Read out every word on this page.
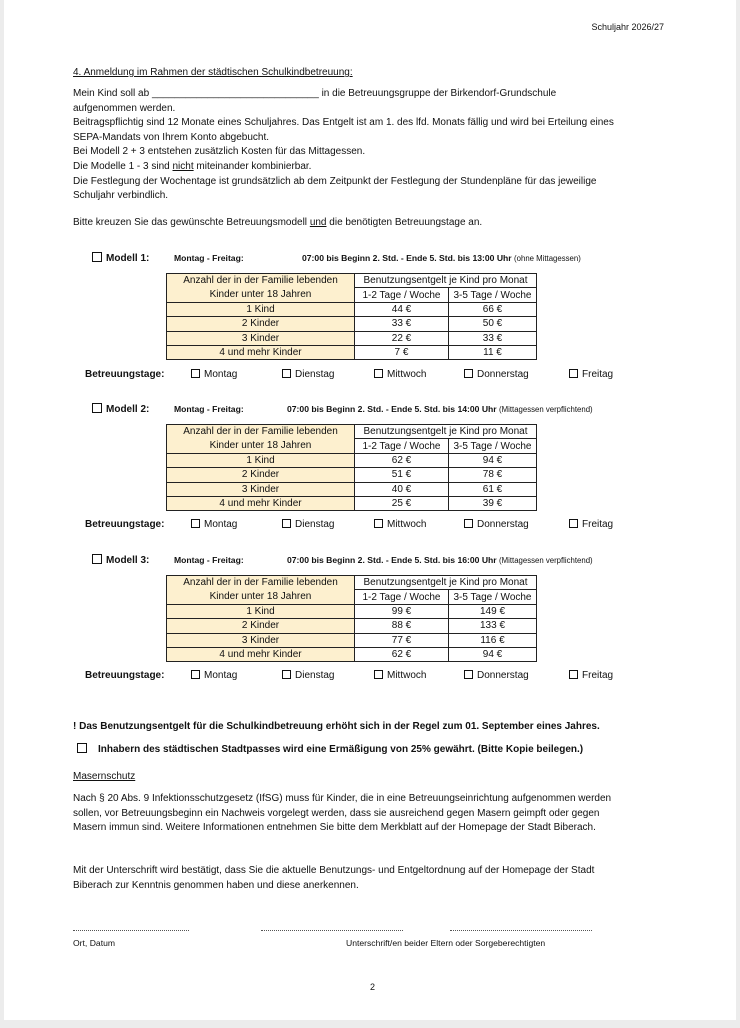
Schuljahr 2026/27
4. Anmeldung im Rahmen der städtischen Schulkindbetreuung:

Mein Kind soll ab ______________________________ in die Betreuungsgruppe der Birkendorf-Grundschule

aufgenommen werden.

Beitragspflichtig sind 12 Monate eines Schuljahres. Das Entgelt ist am 1. des lfd. Monats fällig und wird bei Erteilung eines

SEPA-Mandats von Ihrem Konto abgebucht.

Bei Modell 2 + 3 entstehen zusätzlich Kosten für das Mittagessen.

Die Modelle 1 - 3 sind nicht miteinander kombinierbar.

Die Festlegung der Wochentage ist grundsätzlich ab dem Zeitpunkt der Festlegung der Stundenpläne für das jeweilige

Schuljahr verbindlich.

Bitte kreuzen Sie das gewünschte Betreuungsmodell und die benötigten Betreuungstage an.

Modell 1:	Montag - Freitag:	07:00 bis Beginn 2. Std. - Ende 5. Std. bis 13:00 Uhr (ohne Mittagessen)
Anzahl der in der Familie lebenden	Benutzungsentgelt je Kind pro Monat	
Kinder unter 18 Jahren	1-2 Tage / Woche	3-5 Tage / Woche
1 Kind	44 €	66 €
2 Kinder	33 €	50 €
3 Kinder	22 €	33 €
4 und mehr Kinder	7 €	11 €
Betreuungstage:	Montag	Dienstag	Mittwoch	Donnerstag	Freitag
Modell 2:	Montag - Freitag:	07:00 bis Beginn 2. Std. - Ende 5. Std. bis 14:00 Uhr (Mittagessen verpflichtend)
Anzahl der in der Familie lebenden	Benutzungsentgelt je Kind pro Monat	
Kinder unter 18 Jahren	1-2 Tage / Woche	3-5 Tage / Woche
1 Kind	62 €	94 €
2 Kinder	51 €	78 €
3 Kinder	40 €	61 €
4 und mehr Kinder	25 €	39 €
Betreuungstage:	Montag	Dienstag	Mittwoch	Donnerstag	Freitag
Modell 3:	Montag - Freitag:	07:00 bis Beginn 2. Std. - Ende 5. Std. bis 16:00 Uhr (Mittagessen verpflichtend)
Anzahl der in der Familie lebenden	Benutzungsentgelt je Kind pro Monat	
Kinder unter 18 Jahren	1-2 Tage / Woche	3-5 Tage / Woche
1 Kind	99 €	149 €
2 Kinder	88 €	133 €
3 Kinder	77 €	116 €
4 und mehr Kinder	62 €	94 €
Betreuungstage:	Montag	Dienstag	Mittwoch	Donnerstag	Freitag
! Das Benutzungsentgelt für die Schulkindbetreuung erhöht sich in der Regel zum 01. September eines Jahres.
Inhabern des städtischen Stadtpasses wird eine Ermäßigung von 25% gewährt. (Bitte Kopie beilegen.)
Masernschutz

Nach § 20 Abs. 9 Infektionsschutzgesetz (IfSG) muss für Kinder, die in eine Betreuungseinrichtung aufgenommen werden

sollen, vor Betreuungsbeginn ein Nachweis vorgelegt werden, dass sie ausreichend gegen Masern geimpft oder gegen

Masern immun sind. Weitere Informationen entnehmen Sie bitte dem Merkblatt auf der Homepage der Stadt Biberach.

Mit der Unterschrift wird bestätigt, dass Sie die aktuelle Benutzungs- und Entgeltordnung auf der Homepage der Stadt

Biberach zur Kenntnis genommen haben und diese anerkennen.

Ort, Datum	Unterschrift/en beider Eltern oder Sorgeberechtigten
2
